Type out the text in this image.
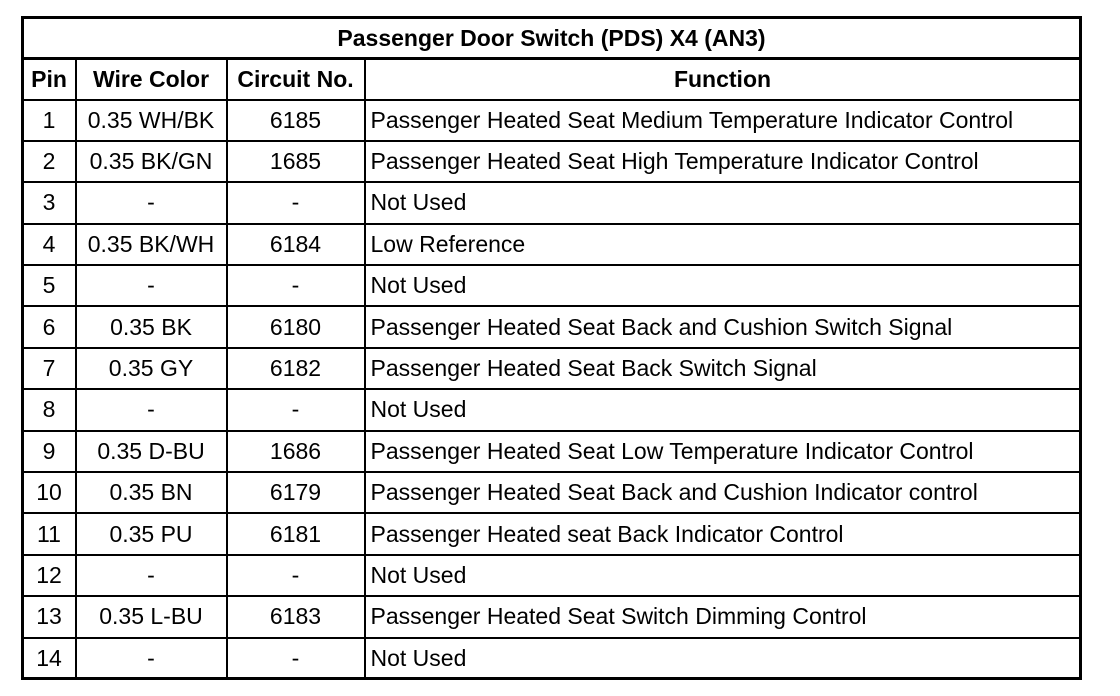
Passenger Door Switch (PDS) X4 (AN3)			
Pin	Wire Color	Circuit No.	Function
1	0.35 WH/BK	6185	Passenger Heated Seat Medium Temperature Indicator Control
2	0.35 BK/GN	1685	Passenger Heated Seat High Temperature Indicator Control
3	-	-	Not Used
4	0.35 BK/WH	6184	Low Reference
5	-	-	Not Used
6	0.35 BK	6180	Passenger Heated Seat Back and Cushion Switch Signal
7	0.35 GY	6182	Passenger Heated Seat Back Switch Signal
8	-	-	Not Used
9	0.35 D-BU	1686	Passenger Heated Seat Low Temperature Indicator Control
10	0.35 BN	6179	Passenger Heated Seat Back and Cushion Indicator control
11	0.35 PU	6181	Passenger Heated seat Back Indicator Control
12	-	-	Not Used
13	0.35 L-BU	6183	Passenger Heated Seat Switch Dimming Control
14	-	-	Not Used
